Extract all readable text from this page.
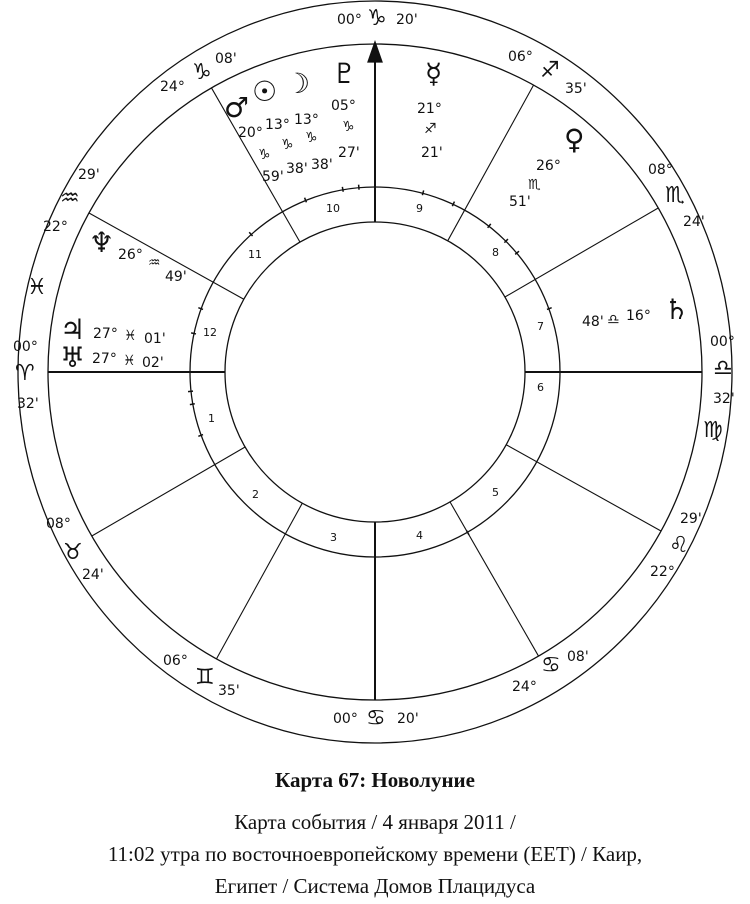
00° ♑ 20'
24°
♑
08'
29'
♒
22°
♓
00°
♈
32'
08°
♉
24'
06°
♊
35'
00° ♋ 20'
24°
♋ 08'
29'
♌
22°
♍
00°
♎
32'
08°
♏
24'
06°
♐
35'
♂ ☉ ☽
20° 13° 13°
♑
♑ ♑
59' 38' 38'
♇
05°
♑
27'
☿
21°
♐
21'	♀
26°
♏
51'
♄
48' ♎ 16°
♆ 26° ♒
49'
♃ 27° ♓ 01'
♅ 27° ♓ 02'
1
2
3	4
5
6
7
8
9
10
11
12
Карта 67: Новолуние
Карта события / 4 января 2011 /
11:02 утра по восточноевропейскому времени (EET) / Каир,
Египет / Система Домов Плацидуса
